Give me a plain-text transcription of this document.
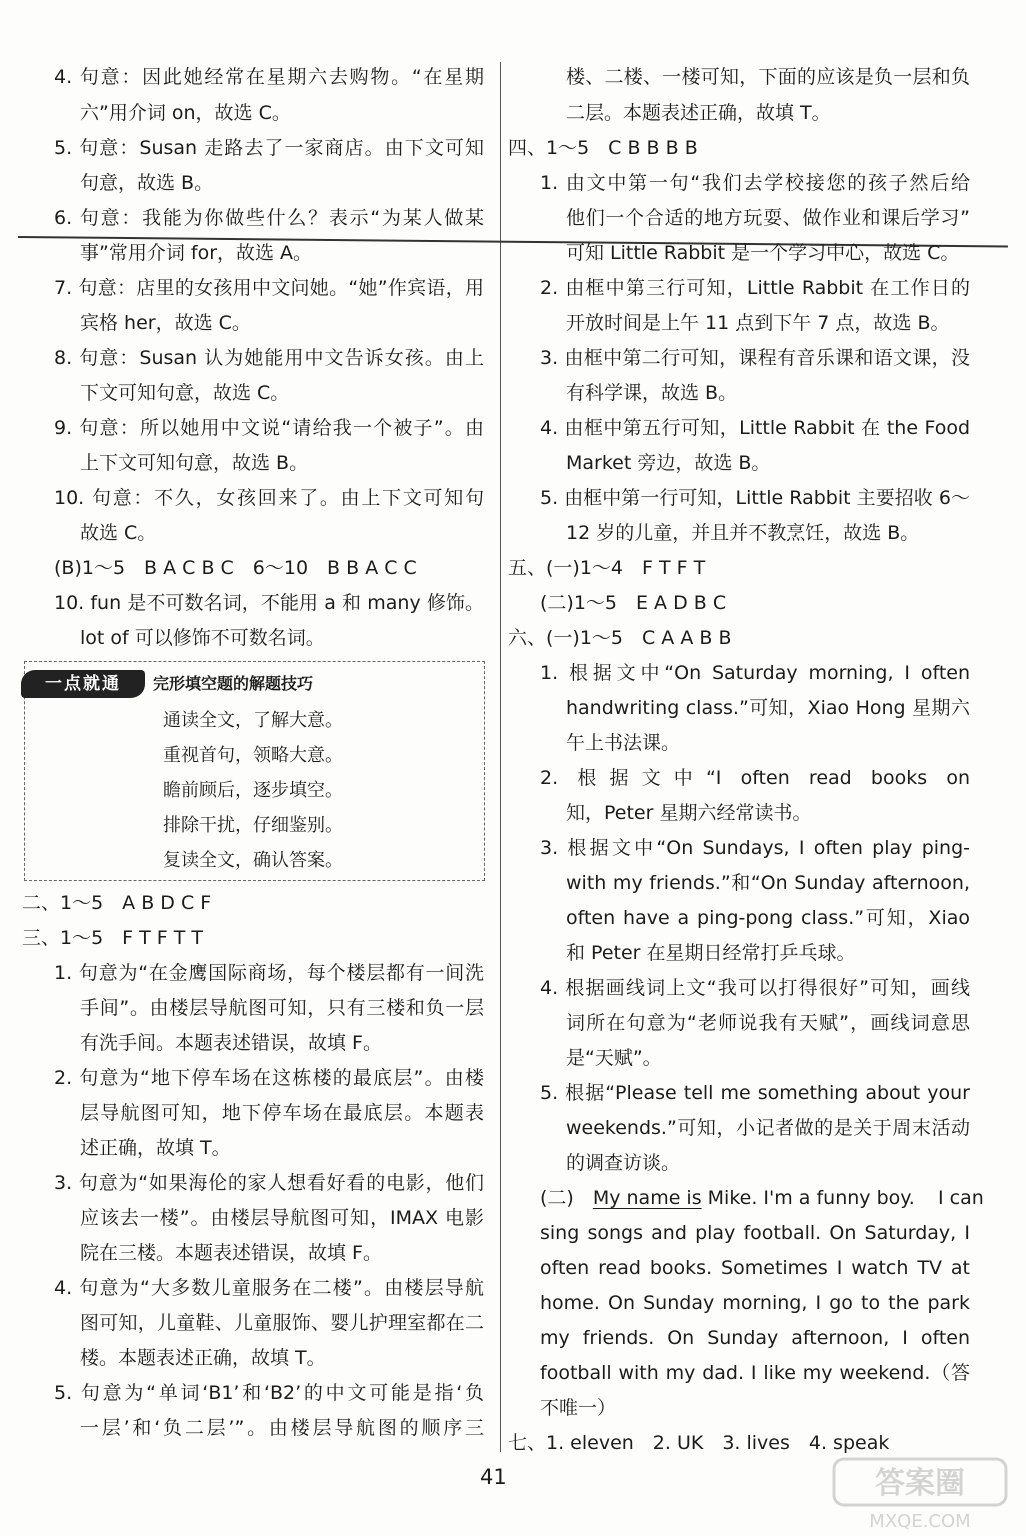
4. 句意：因此她经常在星期六去购物。“在星期
六”用介词 on，故选 C。
5. 句意：Susan 走路去了一家商店。由下文可知
句意，故选 B。
6. 句意：我能为你做些什么？表示“为某人做某
事”常用介词 for，故选 A。
7. 句意：店里的女孩用中文问她。“她”作宾语，用
宾格 her，故选 C。
8. 句意：Susan 认为她能用中文告诉女孩。由上
下文可知句意，故选 C。
9. 句意：所以她用中文说“请给我一个被子”。由
上下文可知句意，故选 B。
10. 句意：不久，女孩回来了。由上下文可知句
故选 C。
(B)1～5　B A C B C　6～10　B B A C C
10. fun 是不可数名词，不能用 a 和 many 修饰。
lot of 可以修饰不可数名词。
二、1～5　A B D C F
三、1～5　F T F T T
1. 句意为“在金鹰国际商场，每个楼层都有一间洗
手间”。由楼层导航图可知，只有三楼和负一层
有洗手间。本题表述错误，故填 F。
2. 句意为“地下停车场在这栋楼的最底层”。由楼
层导航图可知，地下停车场在最底层。本题表
述正确，故填 T。
3. 句意为“如果海伦的家人想看好看的电影，他们
应该去一楼”。由楼层导航图可知，IMAX 电影
院在三楼。本题表述错误，故填 F。
4. 句意为“大多数儿童服务在二楼”。由楼层导航
图可知，儿童鞋、儿童服饰、婴儿护理室都在二
楼。本题表述正确，故填 T。
5. 句意为“单词‘B1’和‘B2’的中文可能是指‘负
一层’和‘负二层’”。由楼层导航图的顺序三
楼、二楼、一楼可知，下面的应该是负一层和负
二层。本题表述正确，故填 T。
四、1～5　C B B B B
1. 由文中第一句“我们去学校接您的孩子然后给
他们一个合适的地方玩耍、做作业和课后学习”
可知 Little Rabbit 是一个学习中心，故选 C。
2. 由框中第三行可知，Little Rabbit 在工作日的
开放时间是上午 11 点到下午 7 点，故选 B。
3. 由框中第二行可知，课程有音乐课和语文课，没
有科学课，故选 B。
4. 由框中第五行可知，Little Rabbit 在 the Food
Market 旁边，故选 B。
5. 由框中第一行可知，Little Rabbit 主要招收 6～
12 岁的儿童，并且并不教烹饪，故选 B。
五、(一)1～4　F T F T
(二)1～5　E A D B C
六、(一)1～5　C A A B B
1. 根据文中“On Saturday morning, I often
handwriting class.”可知，Xiao Hong 星期六
午上书法课。
2. 根据文中“I often read books on
知，Peter 星期六经常读书。
3. 根据文中“On Sundays, I often play ping-
with my friends.”和“On Sunday afternoon,
often have a ping-pong class.”可知，Xiao
和 Peter 在星期日经常打乒乓球。
4. 根据画线词上文“我可以打得很好”可知，画线
词所在句意为“老师说我有天赋”，画线词意思
是“天赋”。
5. 根据“Please tell me something about your
weekends.”可知，小记者做的是关于周末活动
的调查访谈。
I can
sing songs and play football. On Saturday, I
often read books. Sometimes I watch TV at
home. On Sunday morning, I go to the park
my friends. On Sunday afternoon, I often
football with my dad. I like my weekend.（答
不唯一）
七、1. eleven　2. UK　3. lives　4. speak
(二)　My name is Mike. I'm a funny boy.
一点就通	完形填空题的解题技巧
通读全文，了解大意。
重视首句，领略大意。
瞻前顾后，逐步填空。
排除干扰，仔细鉴别。
复读全文，确认答案。
41	答案圈
MXQE.COM
